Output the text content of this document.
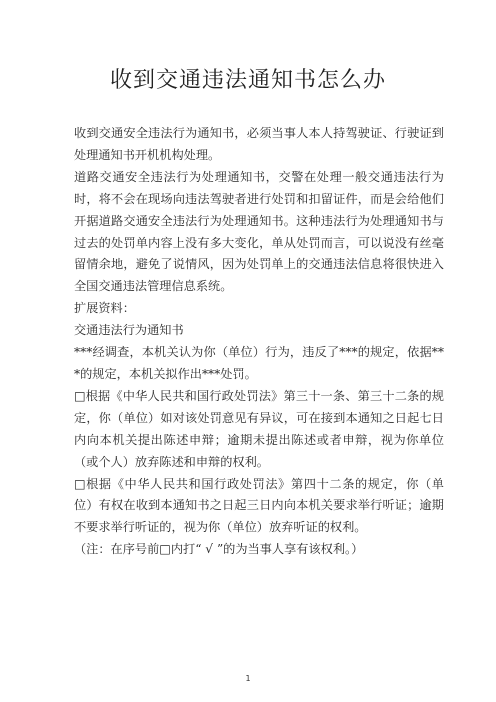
收到交通违法通知书怎么办

收到交通安全违法行为通知书，必须当事人本人持驾驶证、行驶证到处理通知书开机机构处理。

道路交通安全违法行为处理通知书，交警在处理一般交通违法行为时，将不会在现场向违法驾驶者进行处罚和扣留证件，而是会给他们开据道路交通安全违法行为处理通知书。这种违法行为处理通知书与过去的处罚单内容上没有多大变化，单从处罚而言，可以说没有丝毫留情余地，避免了说情风，因为处罚单上的交通违法信息将很快进入全国交通违法管理信息系统。

扩展资料：

交通违法行为通知书

***经调查，本机关认为你（单位）行为，违反了***的规定，依据***的规定，本机关拟作出***处罚。

□根据《中华人民共和国行政处罚法》第三十一条、第三十二条的规定，你（单位）如对该处罚意见有异议，可在接到本通知之日起七日内向本机关提出陈述申辩；逾期未提出陈述或者申辩，视为你单位（或个人）放弃陈述和申辩的权利。

□根据《中华人民共和国行政处罚法》第四十二条的规定，你（单位）有权在收到本通知书之日起三日内向本机关要求举行听证；逾期不要求举行听证的，视为你（单位）放弃听证的权利。

（注：在序号前□内打“ √ ”的为当事人享有该权利。）

1
